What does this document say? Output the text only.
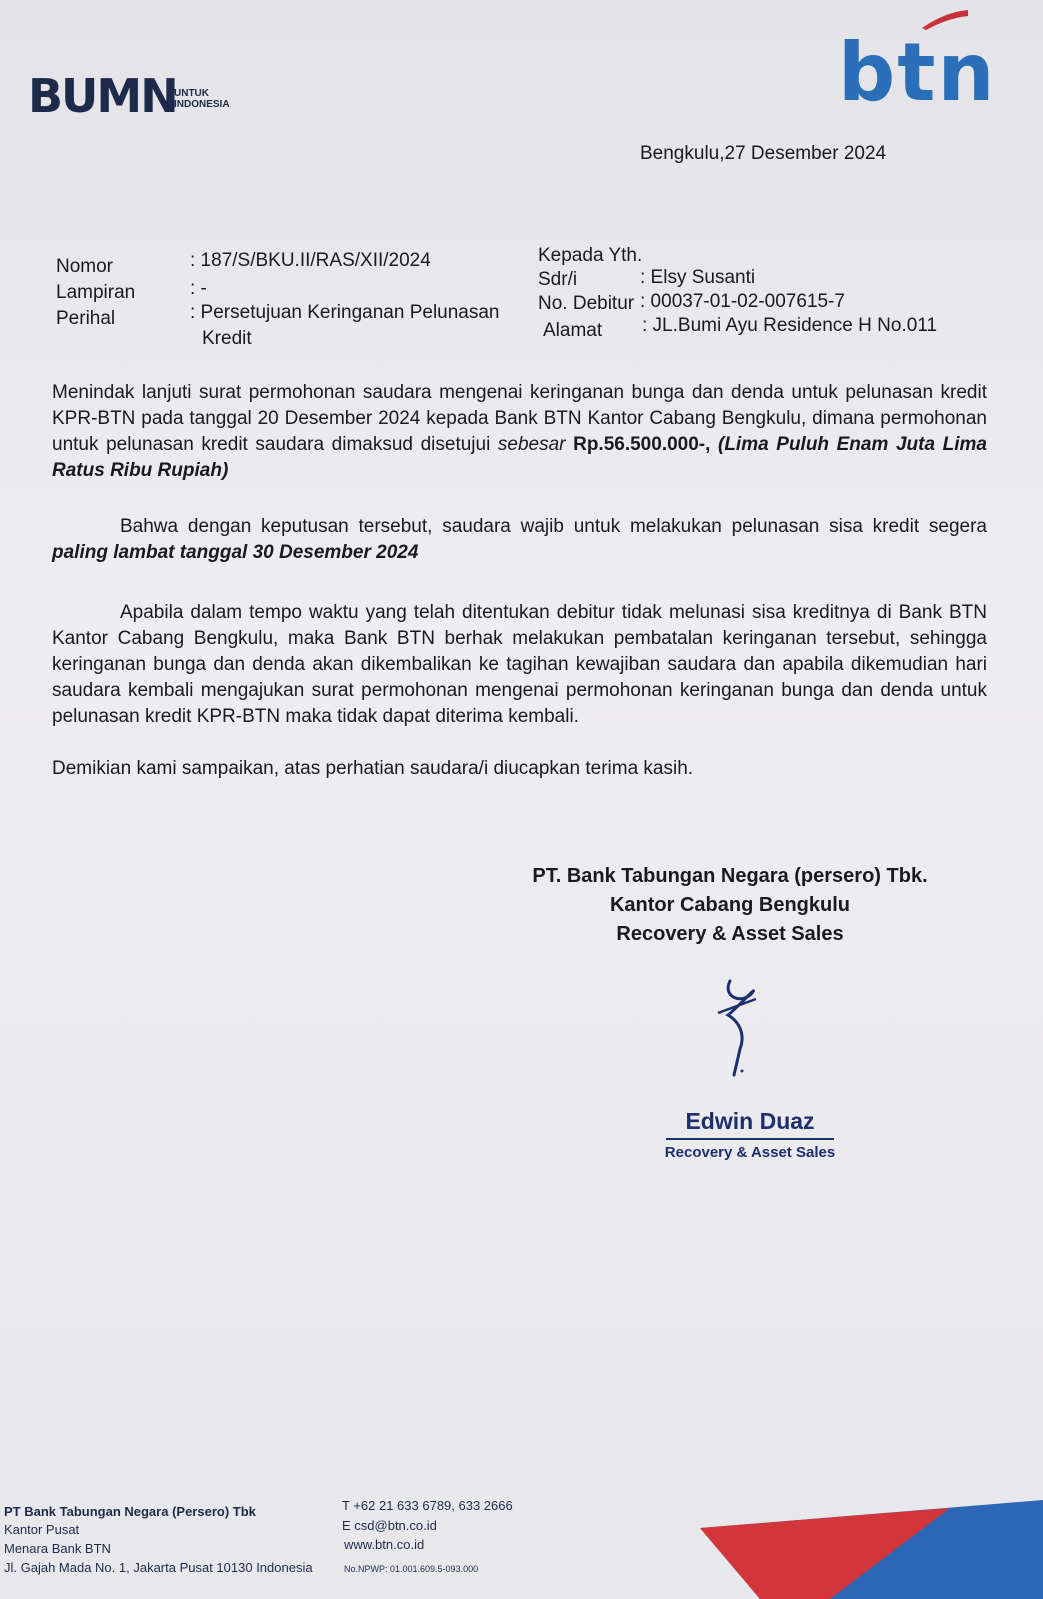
BUMN
UNTUK
INDONESIA	btn
Bengkulu,27 Desember 2024
Nomor	: 187/S/BKU.II/RAS/XII/2024
Lampiran	: -
Perihal	: Persetujuan Keringanan Pelunasan
Kredit
Kepada Yth.
Sdr/i	: Elsy Susanti
No. Debitur : 00037-01-02-007615-7
Alamat : JL.Bumi Ayu Residence H No.011
Menindak lanjuti surat permohonan saudara mengenai keringanan bunga dan denda untuk pelunasan kredit KPR-BTN pada tanggal 20 Desember 2024 kepada Bank BTN Kantor Cabang Bengkulu, dimana permohonan untuk pelunasan kredit saudara dimaksud disetujui sebesar Rp.56.500.000-, (Lima Puluh Enam Juta Lima Ratus Ribu Rupiah)
Bahwa dengan keputusan tersebut, saudara wajib untuk melakukan pelunasan sisa kredit segera paling lambat tanggal 30 Desember 2024
Apabila dalam tempo waktu yang telah ditentukan debitur tidak melunasi sisa kreditnya di Bank BTN Kantor Cabang Bengkulu, maka Bank BTN berhak melakukan pembatalan keringanan tersebut, sehingga keringanan bunga dan denda akan dikembalikan ke tagihan kewajiban saudara dan apabila dikemudian hari saudara kembali mengajukan surat permohonan mengenai permohonan keringanan bunga dan denda untuk pelunasan kredit KPR-BTN maka tidak dapat diterima kembali.
Demikian kami sampaikan, atas perhatian saudara/i diucapkan terima kasih.
PT. Bank Tabungan Negara (persero) Tbk.
Kantor Cabang Bengkulu
Recovery & Asset Sales
Edwin Duaz
Recovery & Asset Sales
PT Bank Tabungan Negara (Persero) Tbk
Kantor Pusat
Menara Bank BTN
Jl. Gajah Mada No. 1, Jakarta Pusat 10130 Indonesia
T +62 21 633 6789, 633 2666
E csd@btn.co.id
www.btn.co.id
No.NPWP: 01.001.609.5-093.000
